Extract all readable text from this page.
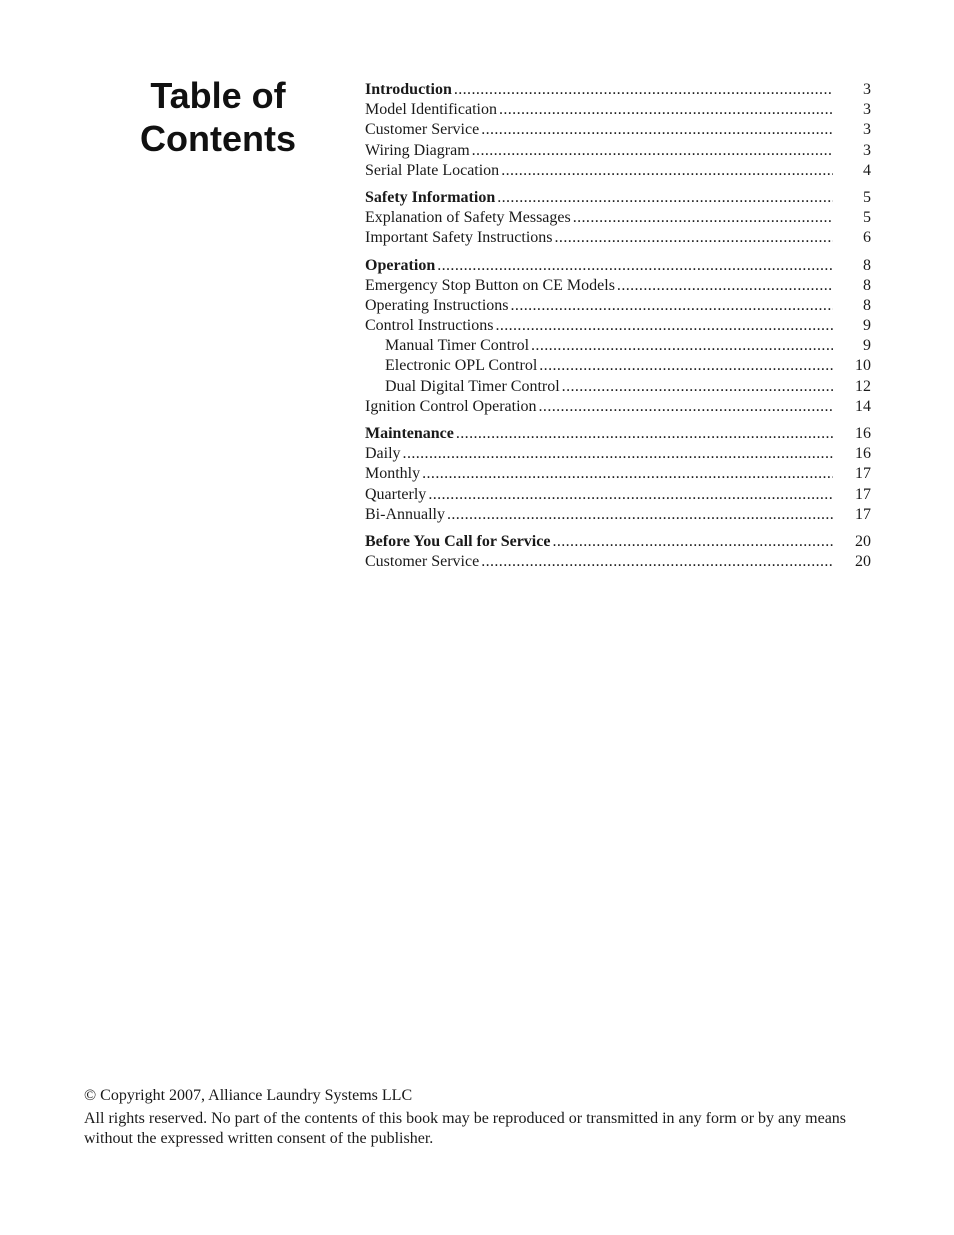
Table of
Contents
Introduction .....	3
Model Identification .....	3
Customer Service .....	3
Wiring Diagram .....	3
Serial Plate Location .....	4
Safety Information .....	5
Explanation of Safety Messages .....	5
Important Safety Instructions .....	6
Operation .....	8
Emergency Stop Button on CE Models .....	8
Operating Instructions .....	8
Control Instructions .....	9
Manual Timer Control .....	9
Electronic OPL Control .....	10
Dual Digital Timer Control .....	12
Ignition Control Operation .....	14
Maintenance .....	16
Daily .....	16
Monthly .....	17
Quarterly .....	17
Bi-Annually .....	17
Before You Call for Service .....	20
Customer Service .....	20
© Copyright 2007, Alliance Laundry Systems LLC
All rights reserved. No part of the contents of this book may be reproduced or transmitted in any form or by any means without the expressed written consent of the publisher.
